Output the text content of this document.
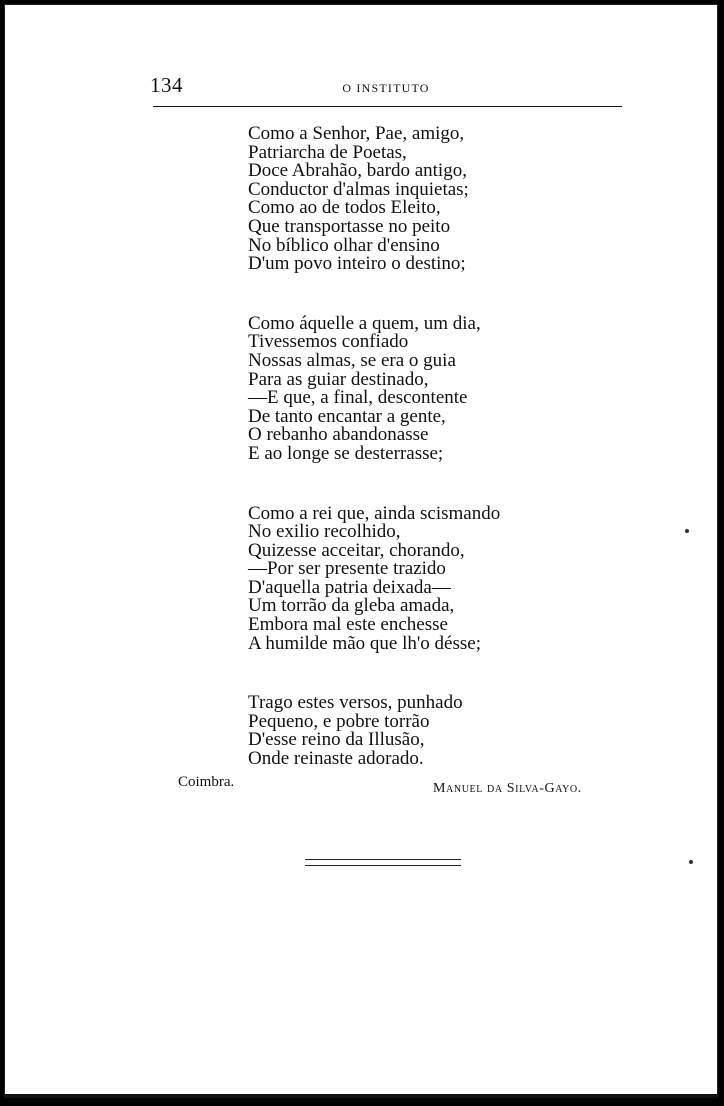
134	O INSTITUTO
Como a Senhor, Pae, amigo,
Patriarcha de Poetas,
Doce Abrahão, bardo antigo,
Conductor d'almas inquietas;
Como ao de todos Eleito,
Que transportasse no peito
No bíblico olhar d'ensino
D'um povo inteiro o destino;
Como áquelle a quem, um dia,
Tivessemos confiado
Nossas almas, se era o guia
Para as guiar destinado,
—E que, a final, descontente
De tanto encantar a gente,
O rebanho abandonasse
E ao longe se desterrasse;
Como a rei que, ainda scismando
No exilio recolhido,
Quizesse acceitar, chorando,
—Por ser presente trazido
D'aquella patria deixada—
Um torrão da gleba amada,
Embora mal este enchesse
A humilde mão que lh'o désse;
Trago estes versos, punhado
Pequeno, e pobre torrão
D'esse reino da Illusão,
Onde reinaste adorado.
Coimbra.	Manuel da Silva-Gayo.
